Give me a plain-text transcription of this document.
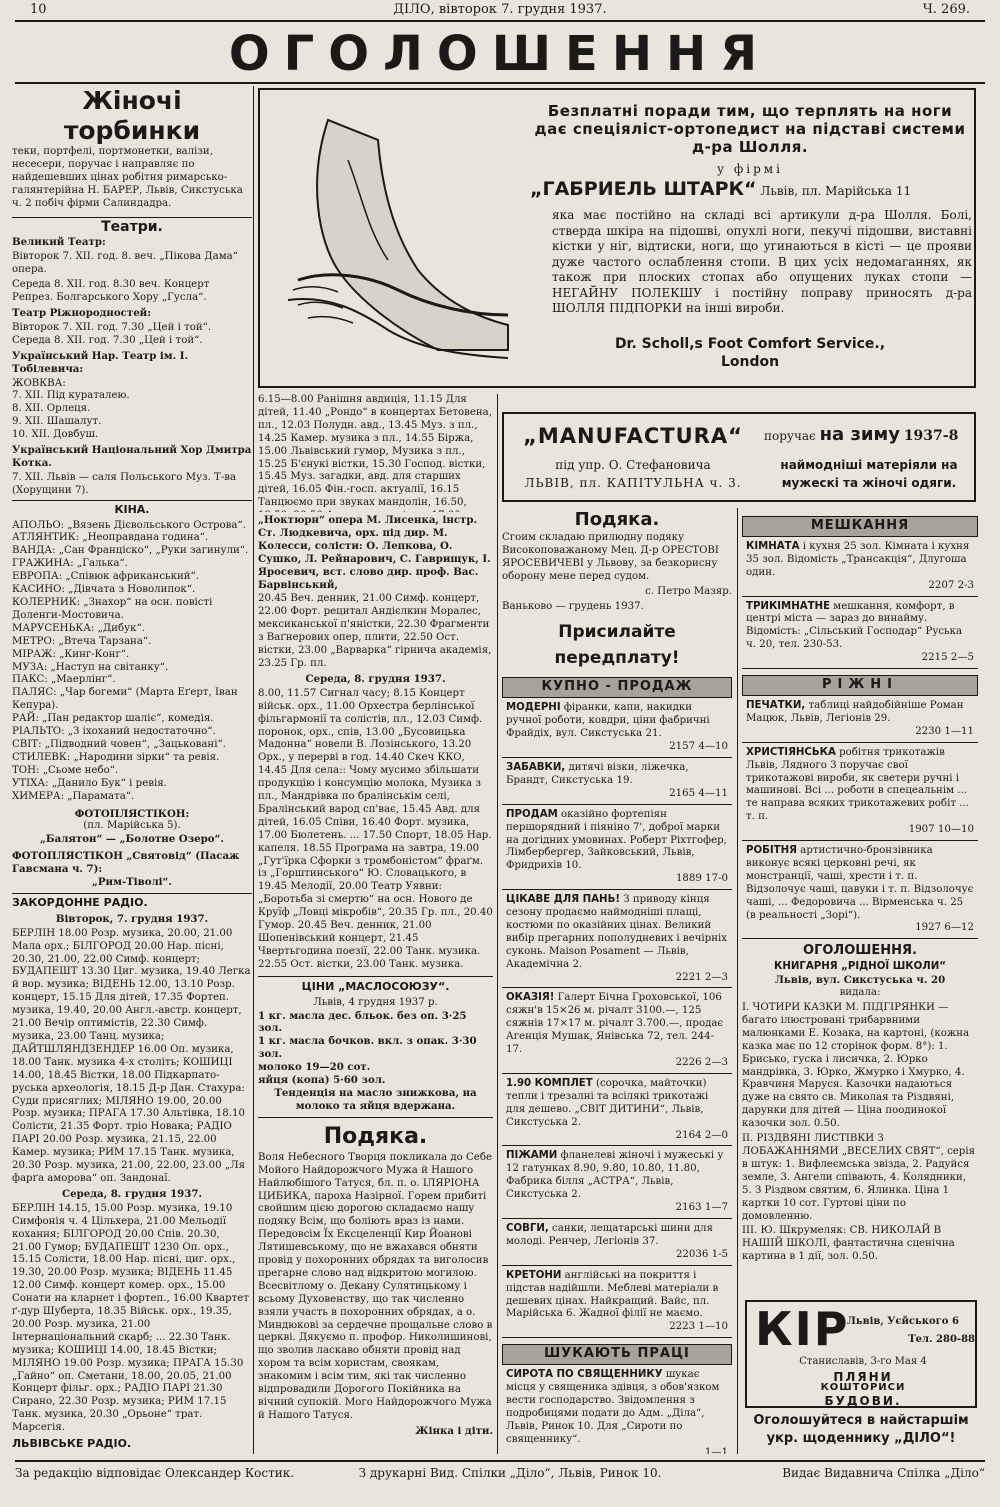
10	ДІЛО, вівторок 7. грудня 1937.	Ч. 269.
ОГОЛОШЕННЯ
Жіночі торбинки

теки, портфелі, портмонетки, валізи, несесери, поручає і направляє по найдешевших цінах робітня римарсько-галянтерійна Н. БАРЕР, Львів, Сикстуська ч. 2 побіч фірми Салиндадра.

Театри.

Великий Театр:

Вівторок 7. XII. год. 8. веч. „Пікова Дама“ опера.

Середа 8. XII. год. 8.30 веч. Концерт Репрез. Болгарського Хору „Гусла“.

Театр Ріжнородностей:

Вівторок 7. XII. год. 7.30 „Цей і той“.

Середа 8. XII. год. 7.30 „Цей і той“.

Український Нар. Театр ім. І. Тобілевича:

ЖОВКВА:

7. XII. Під кураталею.

8. XII. Орлеця.

9. XII. Шашалут.

10. XII. Довбуш.

Український Національний Хор Дмитра Котка.

7. XII. Львів — саля Польського Муз. Т-ва (Хорущини 7).

КІНА.

АПОЛЬО: „Вязень Дієвольського Острова“.

АТЛЯНТИК: „Неоправдана година“.

ВАНДА: „Сан Франціско“, „Руки загинули“.

ГРАЖИНА: „Галька“.

ЕВРОПА: „Співюк африканський“.

КАСИНО: „Дівчата з Новолипок“.

КОЛЕРНИК: „Знахор“ на осн. повісті Доленги-Мостовича.

МАРУСЕНЬКА: „Дибук“.

МЕТРО: „Втеча Тарзана“.

МІРАЖ: „Кинг-Конг“.

МУЗА: „Наступ на світанку“.

ПАКС: „Маерлінг“.

ПАЛЯС: „Чар богеми“ (Марта Еґерт, Іван Кепура).

РАЙ: „Пан редактор шаліє“, комедія.

РІАЛЬТО: „З іхоханий недостаточно“.

СВІТ: „Підводний човен“, „Зацьковані“.

СТИЛЕВК: „Народини зірки“ та ревія.

ТОН: „Сьоме небо“.

УТІХА: „Данило Бук“ і ревія.

ХИМЕРА: „Парамата“.

ФОТОПЛЯСТІКОН:

(пл. Марійська 5).

„Балятон“ — „Болотне Озеро“.

ФОТОПЛЯСТІКОН „Святовід“ (Пасаж Гавсмана ч. 7):

„Рим-Тіволі“.

ЗАКОРДОННЕ РАДІО.

Вівторок, 7. грудня 1937.

БЕРЛІН 18.00 Розр. музика, 20.00, 21.00 Мала орх.; БІЛГОРОД 20.00 Нар. пісні, 20.30, 21.00, 22.00 Симф. концерт; БУДАПЕШТ 13.30 Циг. музика, 19.40 Легка й вор. музика; ВІДЕНЬ 12.00, 13.10 Розр. концерт, 15.15 Для дітей, 17.35 Фортеп. музика, 19.40, 20.00 Англ.-австр. концерт, 21.00 Вечір оптимістів, 22.30 Симф. музика, 23.00 Танц. музика; ДАЙТШЛЯНДЗЕНДЕР 16.00 Оп. музика, 18.00 Танк. музика 4-х століть; КОШИЦІ 14.00, 18.45 Вістки, 18.00 Підкарпато-руська археологія, 18.15 Д-р Дан. Стахура: Суди присяглих; МІЛЯНО 19.00, 20.00 Розр. музика; ПРАГА 17.30 Альтівка, 18.10 Солісти, 21.35 Форт. тріо Новака; РАДІО ПАРІ 20.00 Розр. музика, 21.15, 22.00 Камер. музика; РИМ 17.15 Танк. музика, 20.30 Розр. музика, 21.00, 22.00, 23.00 „Ля фарґа аморова“ оп. Зандонаї.

Середа, 8. грудня 1937.

БЕРЛІН 14.15, 15.00 Розр. музика, 19.10 Симфонія ч. 4 Цільхера, 21.00 Мельодії кохання; БІЛГОРОД 20.00 Спів. 20.30, 21.00 Гумор; БУДАПЕШТ 1230 Оп. орх., 15.15 Солісти, 18.00 Нар. пісні, циг. орх., 19.30, 20.00 Розр. музика; ВІДЕНЬ 11.45 12.00 Симф. концерт комер. орх., 15.00 Сонати на кларнет і фортеп., 16.00 Квартет ґ-дур Шуберта, 18.35 Військ. орх., 19.35, 20.00 Розр. музика, 21.00 Інтернаціональний скарб; ... 22.30 Танк. музика; КОШИЦІ 14.00, 18.45 Вістки; МІЛЯНО 19.00 Розр. музика; ПРАГА 15.30 „Гайно“ оп. Сметани, 18.00, 20.05, 21.00 Концерт фільг. орх.; РАДІО ПАРІ 21.30 Сирано, 22.30 Розр. музика; РИМ 17.15 Танк. музика, 20.30 „Орьоне“ трат. Марсегія.

ЛЬВІВСЬКЕ РАДІО.

Безплатні поради тим, що терплять на ноги дає спеціяліст-ортопедист на підставі системи д-ра Шолля.
у фірмі
„ГАБРИЕЛЬ ШТАРК“ Львів, пл. Марійська 11
яка має постійно на складі всі артикули д-ра Шолля. Болі, стверда шкіра на підошві, опухлі ноги, пекучі підошви, виставні кістки у ніг, відтиски, ноги, що угинаються в кісті — це прояви дуже частого ослаблення стопи. В цих усіх недомаганнях, як також при плоских стопах або опущених луках стопи — НЕГАЙНУ ПОЛЕКШУ і постійну поправу приносять д-ра ШОЛЛЯ ПІДПОРКИ на інші вироби.
Dr. Scholl,s Foot Comfort Service.,
London

6.15—8.00 Ранішня авдиція, 11.15 Для дітей, 11.40 „Рондо“ в концертах Бетовена, пл., 12.03 Полудн. авд., 13.45 Муз. з пл., 14.25 Камер. музика з пл., 14.55 Біржа, 15.00 Львівський гумор, Музика з пл., 15.25 Б'єнукі вістки, 15.30 Господ. вістки, 15.45 Муз. загадки, авд. для старших дітей, 16.05 Фін.-госп. актуалії, 16.15 Танцюємо при звуках мандолін, 16.50,

„Ноктюрн“ опера М. Лисенка, інстр. Ст. Людкевича, орх. під дир. М. Колесси, солісти: О. Лепкова, О. Сушко, Л. Рейнарович, С. Гаврищук, І. Яросевич, вст. слово дир. проф. Вас. Барвінський,

20.45 Веч. денник, 21.00 Симф. концерт, 22.00 Форт. рецитал Андієлкин Моралес, мексиканської п'яністки, 22.30 Фрагменти з Ваґнерових опер, плити, 22.50 Ост. вістки, 23.00 „Варварка“ гірнича академія, 23.25 Гр. пл.

Середа, 8. грудня 1937.

8.00, 11.57 Сигнал часу; 8.15 Концерт військ. орх., 11.00 Орхестра берлінської фільгармонії та солістів, пл., 12.03 Симф. поронок, орх., спів, 13.00 „Бусовицька Мадонна“ новели В. Лозінського, 13.20 Орх., у перерві в год. 14.40 Скеч ККО, 14.45 Для села:: Чому мусимо збільшати продукцію і консумцію молока, Музика з пл., Мандрівка по бралінськім селі, Бралінський варод сп'ває, 15.45 Авд. для дітей, 16.05 Співи, 16.40 Форт. музика, 17.00 Бюлетень. ... 17.50 Спорт, 18.05 Нар. капеля. 18.55 Програма на завтра, 19.00 „Гут'їрка Сфорки з тромбоністом“ фраґм. із „Горштинського“ Ю. Словацького, в 19.45 Мелодії, 20.00 Театр Уявни: „Боротьба зі смертю“ на осн. Нового де Круїф „Ловці мікробів“, 20.35 Гр. пл., 20.40 Гумор. 20.45 Веч. денник, 21.00 Шопенівський концерт, 21.45 Чвертьгодина поезії, 22.00 Танк. музика. 22.55 Ост. вістки, 23.00 Танк. музика.

ЦІНИ „МАСЛОСОЮЗУ“.

Львів, 4 грудня 1937 р.

1 кг. масла дес. бльок. без оп. 3·25 зол.

1 кг. масла бочков. вкл. з опак. 3·30 зол.

молоко 19—20 сот.

яйця (копа) 5·60 зол.

Тенденція на масло знижкова, на молоко та яйця вдержана.

Подяка.

Воля Небесного Творця покликала до Себе Мойого Найдорожчого Мужа й Нашого Найлюбішого Татуся, бл. п. о. ІЛЯРІОНА ЦИБИКА, пароха Назірної. Горем прибиті свойшим цією дорогою складаємо нашу подяку Всім, що боліють враз із нами. Передовсім Їх Ексцеленції Кир Йоанові Лятишевському, що не вжахався обняти провід у похоронних обрядах та виголосив прегарне слово над відкритою могилою. Всесвітлому о. Декану Сулятицькому і всьому Духовенству, що так численно взяли участь в похоронних обрядах, а о. Миндюкові за сердечне прощальне слово в церкві. Дякуємо п. профор. Николишинові, що зволив ласкаво обняти провід над хором та всім хористам, своякам, знакомим і всім тим, які так численно відпровадили Дорогого Покійника на вічний супокій. Мого Найдорожчого Мужа й Нашого Татуся.

Жінка і діти.

„MANUFACTURA“
під упр. О. Стефановича
ЛЬВІВ, пл. КАПІТУЛЬНА ч. 3.
поручає на зиму 1937-8
наймодніші матеріяли на
мужескі та жіночі одяги.
Подяка.

Сгоим складаю прилюдну подяку Високоповажаному Мец. Д-р ОРЕСТОВІ ЯРОСЕВИЧЕВІ у Львову, за безкорисну оборону мене перед судом.

с. Петро Мазяр.

Ваньково — грудень 1937.

Присилайте передплату!
КУПНО - ПРОДАЖ
МОДЕРНІ фіранки, капи, накидки ручної роботи, ковдри, ціни фабричні Фрайдіх, вул. Сикстуська 21.
2157 4—10
ЗАБАВКИ, дитячі візки, ліжечка, Брандт, Сикстуська 19.
2165 4—11
ПРОДАМ оказійно фортепіян першорядний і піяніно 7', доброї марки на догідних умовинах. Роберт Ріхтгофер, Лімбербергер, Зайковський, Львів, Фридрихів 10.
1889 17-0
ЦІКАВЕ ДЛЯ ПАНЬ! З приводу кінця сезону продаємо наймодніші плащі, костюми по оказійних цінах. Великий вибір прегарних пополудневих і вечірніх суконь. Maison Posament — Львів, Академічна 2.
2221 2—3
ОКАЗІЯ! Галерт Бічна Гроховської, 106 сяжн'в 15×26 м. річалт 3100.—, 125 сяжнів 17×17 м. річалт 3.700.—, продає Агенція Мушак, Янівська 72, тел. 244-17.
2226 2—3
1.90 КОМПЛЕТ (сорочка, майточки) тепли і трезалні та всілякі трикотажі для дешево. „СВІТ ДИТИНИ“, Львів, Сикстуська 2.
2164 2—0
ПІЖАМИ фланелеві жіночі і мужеські у 12 гатунках 8.90, 9.80, 10.80, 11.80, Фабрика білля „АСТРА“, Львів, Сикстуська 2.
2163 1—7
СОВГИ, санки, лещатарські шини для молоді. Ренчер, Легіонів 37.
22036 1-5
КРЕТОНИ англійські на покриття і підстав надійшли. Меблеві матеріали в дешевих цінах. Найкращий. Вайс, пл. Марійська 6. Жадної філії не маємо.
2223 1—10
ШУКАЮТЬ ПРАЦІ
СИРОТА ПО СВЯЩЕННИКУ шукає місця у священика здівця, з обов'язком вести господарство. Звідомлення з подробицями подати до Адм. „Діла“, Львів, Ринок 10. Для „Сироти по священнику“.
1—1
МЕШКАННЯ
КІМНАТА і кухня 25 зол. Кімната і кухня 35 зол. Відомість „Трансакція“, Длугоша один.
2207 2-3
ТРИКІМНАТНЕ мешкання, комфорт, в центрі міста — зараз до винайму. Відомість: „Сільський Господар“ Руська ч. 20, тел. 230-53.
2215 2—5
РІЖНІ
ПЕЧАТКИ, таблиці найдобійніше Роман Мацюк, Львів, Легіонів 29.
2230 1—11
ХРИСТІЯНСЬКА робітня трикотажів Львів, Лядного 3 поручає свої трикотажові вироби, як светери ручні і машинові. Всі ... роботи в спецеальнім ... те направа всяких трикотажевих робіт ... т. п.
1907 10—10
РОБІТНЯ артистично-бронзівника виконує всякі церковні речі, як монстранції, чаші, хрести і т. п. Відзолочує чаші, цавуки і т. п. Відзолочує чаші, ... Федоровича ... Вірменська ч. 25 (в реальності „Зорі“).
1927 6—12
ОГОЛОШЕННЯ.

КНИГАРНЯ „РІДНОЇ ШКОЛИ“

Львів, вул. Сикстуська ч. 20

видала:

І. ЧОТИРИ КАЗКИ М. ПІДГІРЯНКИ — багато ілюстровані трибарвними малюнками Е. Козака, на картоні, (кожна казка має по 12 сторінок форм. 8°): 1. Брисько, гуска і лисичка, 2. Юрко мандрівка, 3. Юрко, Жмурко і Хмурко, 4. Кравчиня Маруся. Казочки надаються дуже на свято св. Миколая та Різдвяні, дарунки для дітей — Ціна поодинокої казочки зол. 0.50.

ІІ. РІЗДВЯНІ ЛИСТІВКИ З ЛОБАЖАННЯМИ „ВЕСЕЛИХ СВЯТ“, серія в штук: 1. Вифлеємська звізда, 2. Радуйся земле, 3. Ангели співають, 4. Колядники, 5. З Різдвом святим, 6. Ялинка. Ціна 1 картки 10 сот. Гуртові ціни по домовленню.

ІІІ. Ю. Шкрумеляк: СВ. НИКОЛАЙ В НАШІЙ ШКОЛІ, фантастична сценічна картина в 1 дії, зол. 0.50.

КІР
Львів, Уєйського 6
Тел. 280-88
Станиславів, 3-го Мая 4
ПЛЯНИ
КОШТОРИСИ
БУДОВИ.
Оголошуйтеся в найстаршім укр. щоденнику „ДІЛО“!
За редакцію відповідає Олександер Костик.	З друкарні Вид. Спілки „Діло“, Львів, Ринок 10.	Видає Видавнича Спілка „Діло“
